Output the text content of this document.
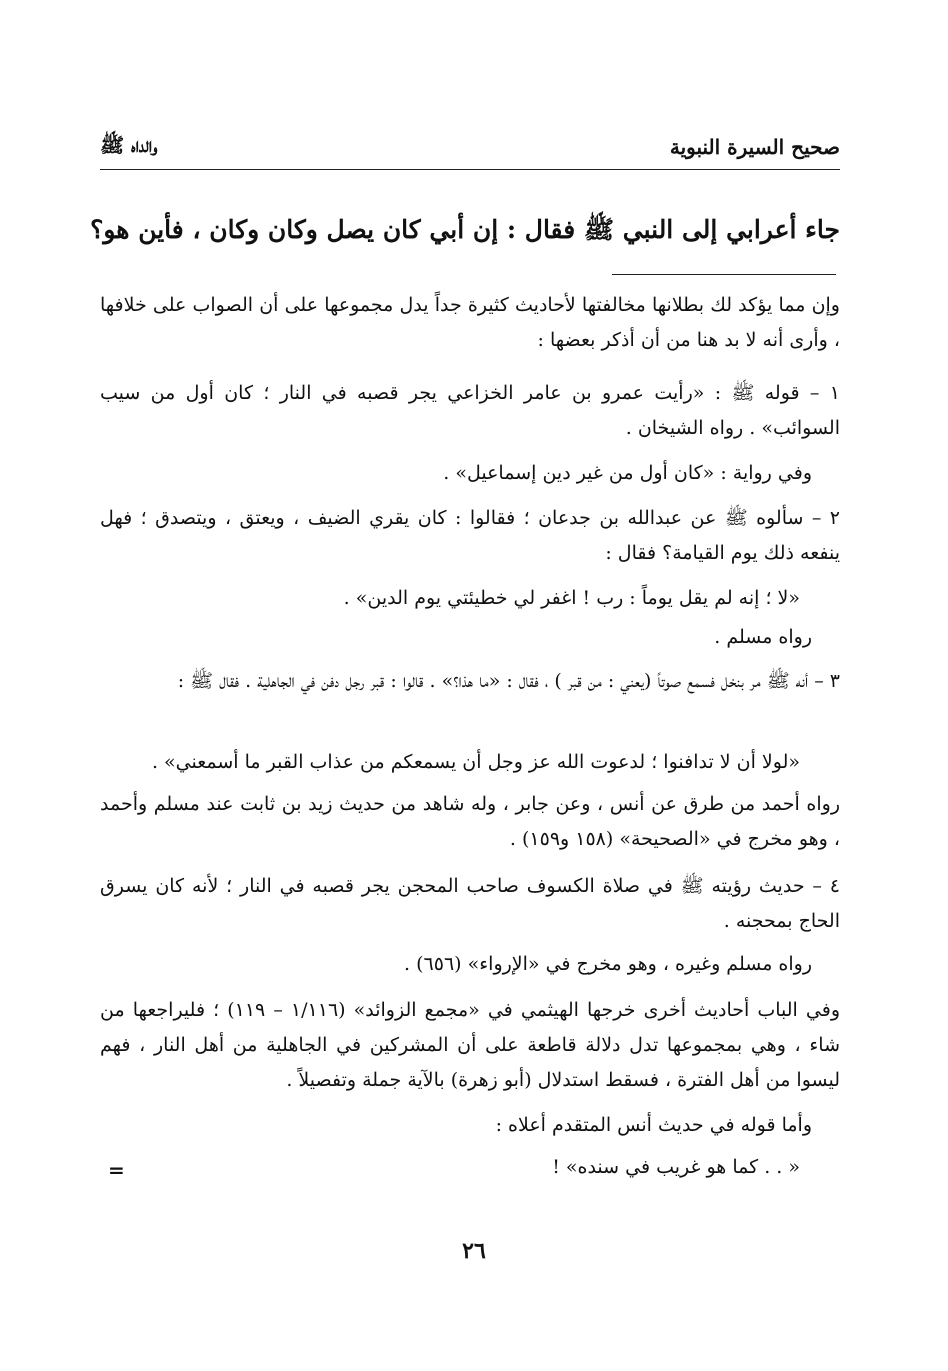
صحيح السيرة النبوية
والداه ﷺ
جاء أعرابي إلى النبي ﷺ فقال : إن أبي كان يصل وكان وكان ، فأين هو؟
وإن مما يؤكد لك بطلانها مخالفتها لأحاديث كثيرة جداً يدل مجموعها على أن الصواب على خلافها ، وأرى أنه لا بد هنا من أن أذكر بعضها :
١ – قوله ﷺ : «رأيت عمرو بن عامر الخزاعي يجر قصبه في النار ؛ كان أول من سيب السوائب» . رواه الشيخان .
وفي رواية : «كان أول من غير دين إسماعيل» .
٢ – سألوه ﷺ عن عبدالله بن جدعان ؛ فقالوا : كان يقري الضيف ، ويعتق ، ويتصدق ؛ فهل ينفعه ذلك يوم القيامة؟ فقال :
«لا ؛ إنه لم يقل يوماً : رب ! اغفر لي خطيئتي يوم الدين» .
رواه مسلم .
٣ – أنه ﷺ مر بنخل فسمع صوتاً (يعني : من قبر ) ، فقال : «ما هذا؟» . قالوا : قبر رجل دفن في الجاهلية . فقال ﷺ :
«لولا أن لا تدافنوا ؛ لدعوت الله عز وجل أن يسمعكم من عذاب القبر ما أسمعني» .
رواه أحمد من طرق عن أنس ، وعن جابر ، وله شاهد من حديث زيد بن ثابت عند مسلم وأحمد ، وهو مخرج في «الصحيحة» (١٥٨ و١٥٩) .
٤ – حديث رؤيته ﷺ في صلاة الكسوف صاحب المحجن يجر قصبه في النار ؛ لأنه كان يسرق الحاج بمحجنه .
رواه مسلم وغيره ، وهو مخرج في «الإرواء» (٦٥٦) .
وفي الباب أحاديث أخرى خرجها الهيثمي في «مجمع الزوائد» (١/١١٦ – ١١٩) ؛ فليراجعها من شاء ، وهي بمجموعها تدل دلالة قاطعة على أن المشركين في الجاهلية من أهل النار ، فهم ليسوا من أهل الفترة ، فسقط استدلال (أبو زهرة) بالآية جملة وتفصيلاً .
وأما قوله في حديث أنس المتقدم أعلاه :
« . . كما هو غريب في سنده» !
=
٢٦
